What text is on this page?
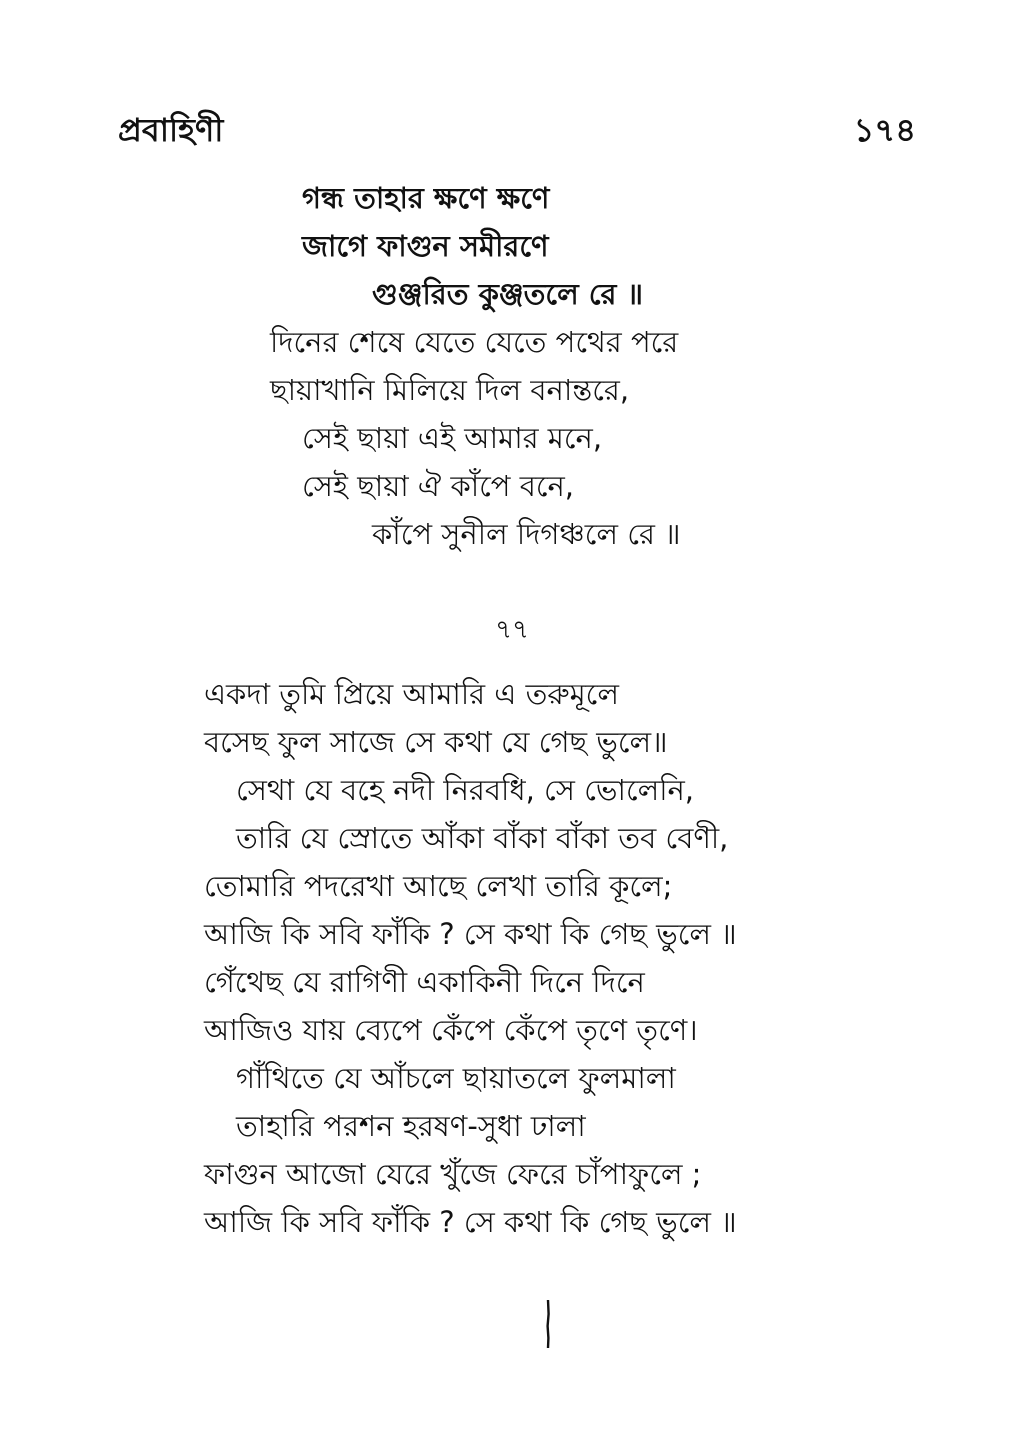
প্রবাহিণী	১৭৪
গন্ধ তাহার ক্ষণে ক্ষণে
জাগে ফাগুন সমীরণে
গুঞ্জরিত কুঞ্জতলে রে ॥
দিনের শেষে যেতে যেতে পথের পরে
ছায়াখানি মিলিয়ে দিল বনান্তরে,
সেই ছায়া এই আমার মনে,
সেই ছায়া ঐ কাঁপে বনে,
কাঁপে সুনীল দিগঞ্চলে রে ॥
৭৭
একদা তুমি প্রিয়ে আমারি এ তরুমূলে
বসেছ ফুল সাজে সে কথা যে গেছ ভুলে॥
সেথা যে বহে নদী নিরবধি, সে ভোলেনি,
তারি যে স্রোতে আঁকা বাঁকা বাঁকা তব বেণী,
তোমারি পদরেখা আছে লেখা তারি কূলে;
আজি কি সবি ফাঁকি ? সে কথা কি গেছ ভুলে ॥
গেঁথেছ যে রাগিণী একাকিনী দিনে দিনে
আজিও যায় ব্যেপে কেঁপে কেঁপে তৃণে তৃণে।
গাঁথিতে যে আঁচলে ছায়াতলে ফুলমালা
তাহারি পরশন হরষণ-সুধা ঢালা
ফাগুন আজো যেরে খুঁজে ফেরে চাঁপাফুলে ;
আজি কি সবি ফাঁকি ? সে কথা কি গেছ ভুলে ॥
